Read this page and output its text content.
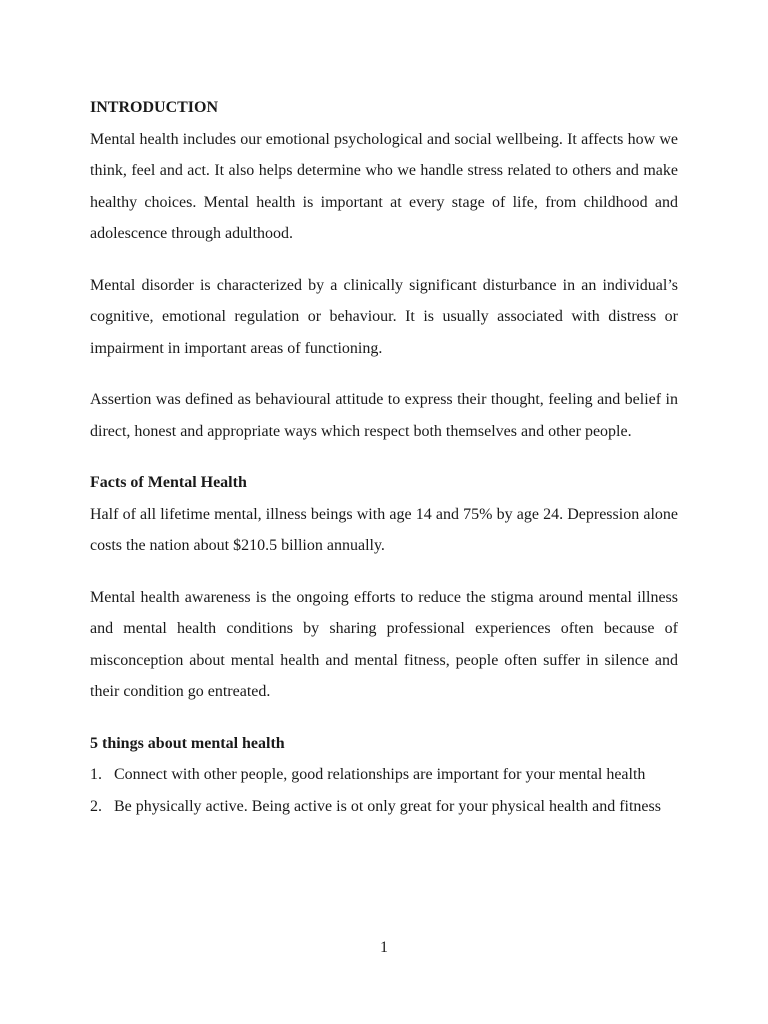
INTRODUCTION

Mental health includes our emotional psychological and social wellbeing. It affects how we think, feel and act. It also helps determine who we handle stress related to others and make healthy choices. Mental health is important at every stage of life, from childhood and adolescence through adulthood.

Mental disorder is characterized by a clinically significant disturbance in an individual’s cognitive, emotional regulation or behaviour. It is usually associated with distress or impairment in important areas of functioning.

Assertion was defined as behavioural attitude to express their thought, feeling and belief in direct, honest and appropriate ways which respect both themselves and other people.

Facts of Mental Health

Half of all lifetime mental, illness beings with age 14 and 75% by age 24. Depression alone costs the nation about $210.5 billion annually.

Mental health awareness is the ongoing efforts to reduce the stigma around mental illness and mental health conditions by sharing professional experiences often because of misconception about mental health and mental fitness, people often suffer in silence and their condition go entreated.

5 things about mental health

1. Connect with other people, good relationships are important for your mental health
2. Be physically active. Being active is ot only great for your physical health and fitness
1
